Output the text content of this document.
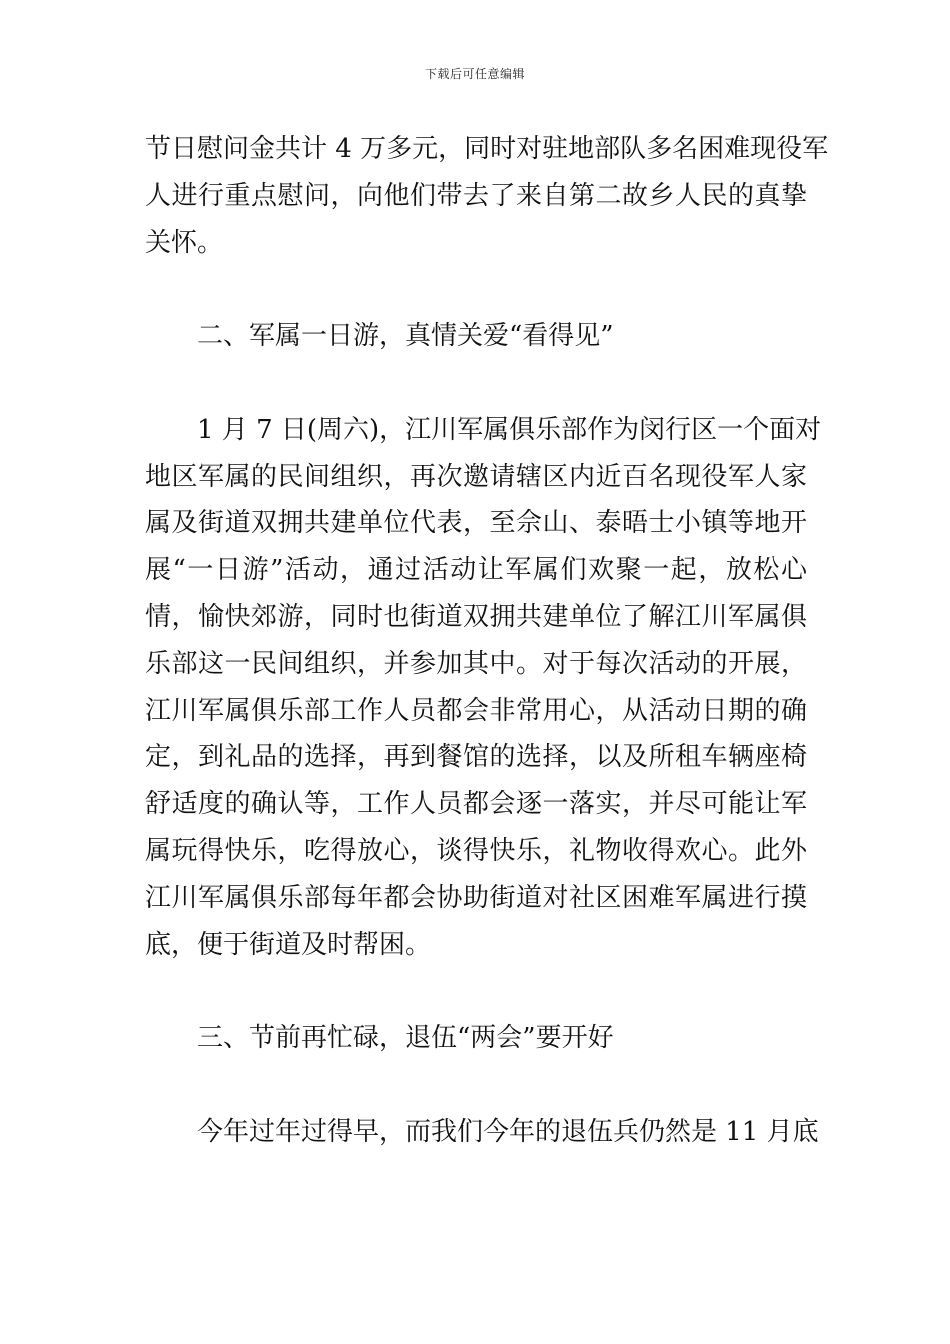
下载后可任意编辑
节日慰问金共计 4 万多元，同时对驻地部队多名困难现役军
人进行重点慰问，向他们带去了来自第二故乡人民的真挚
关怀。
二、军属一日游，真情关爱“看得见”
1 月 7 日(周六)，江川军属俱乐部作为闵行区一个面对
地区军属的民间组织，再次邀请辖区内近百名现役军人家
属及街道双拥共建单位代表，至佘山、泰晤士小镇等地开
展“一日游”活动，通过活动让军属们欢聚一起，放松心
情，愉快郊游，同时也街道双拥共建单位了解江川军属俱
乐部这一民间组织，并参加其中。对于每次活动的开展，
江川军属俱乐部工作人员都会非常用心，从活动日期的确
定，到礼品的选择，再到餐馆的选择，以及所租车辆座椅
舒适度的确认等，工作人员都会逐一落实，并尽可能让军
属玩得快乐，吃得放心，谈得快乐，礼物收得欢心。此外
江川军属俱乐部每年都会协助街道对社区困难军属进行摸
底，便于街道及时帮困。
三、节前再忙碌，退伍“两会”要开好
今年过年过得早，而我们今年的退伍兵仍然是 11 月底
